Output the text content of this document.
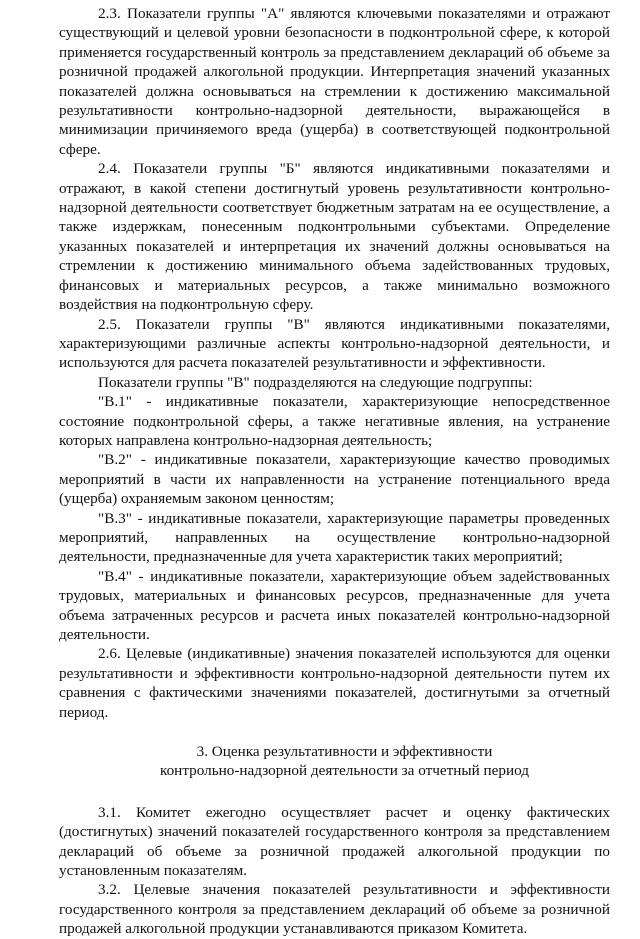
2.3. Показатели группы "А" являются ключевыми показателями и отражают существующий и целевой уровни безопасности в подконтрольной сфере, к которой применяется государственный контроль за представлением деклараций об объеме за розничной продажей алкогольной продукции. Интерпретация значений указанных показателей должна основываться на стремлении к достижению максимальной результативности контрольно-надзорной деятельности, выражающейся в минимизации причиняемого вреда (ущерба) в соответствующей подконтрольной сфере.

2.4. Показатели группы "Б" являются индикативными показателями и отражают, в какой степени достигнутый уровень результативности контрольно-надзорной деятельности соответствует бюджетным затратам на ее осуществление, а также издержкам, понесенным подконтрольными субъектами. Определение указанных показателей и интерпретация их значений должны основываться на стремлении к достижению минимального объема задействованных трудовых, финансовых и материальных ресурсов, а также минимально возможного воздействия на подконтрольную сферу.

2.5. Показатели группы "В" являются индикативными показателями, характеризующими различные аспекты контрольно-надзорной деятельности, и используются для расчета показателей результативности и эффективности.

Показатели группы "В" подразделяются на следующие подгруппы:

"В.1" - индикативные показатели, характеризующие непосредственное состояние подконтрольной сферы, а также негативные явления, на устранение которых направлена контрольно-надзорная деятельность;

"В.2" - индикативные показатели, характеризующие качество проводимых мероприятий в части их направленности на устранение потенциального вреда (ущерба) охраняемым законом ценностям;

"В.3" - индикативные показатели, характеризующие параметры проведенных мероприятий, направленных на осуществление контрольно-надзорной деятельности, предназначенные для учета характеристик таких мероприятий;

"В.4" - индикативные показатели, характеризующие объем задействованных трудовых, материальных и финансовых ресурсов, предназначенные для учета объема затраченных ресурсов и расчета иных показателей контрольно-надзорной деятельности.

2.6. Целевые (индикативные) значения показателей используются для оценки результативности и эффективности контрольно-надзорной деятельности путем их сравнения с фактическими значениями показателей, достигнутыми за отчетный период.

3. Оценка результативности и эффективности
контрольно-надзорной деятельности за отчетный период

3.1. Комитет ежегодно осуществляет расчет и оценку фактических (достигнутых) значений показателей государственного контроля за представлением деклараций об объеме за розничной продажей алкогольной продукции по установленным показателям.

3.2. Целевые значения показателей результативности и эффективности государственного контроля за представлением деклараций об объеме за розничной продажей алкогольной продукции устанавливаются приказом Комитета.
